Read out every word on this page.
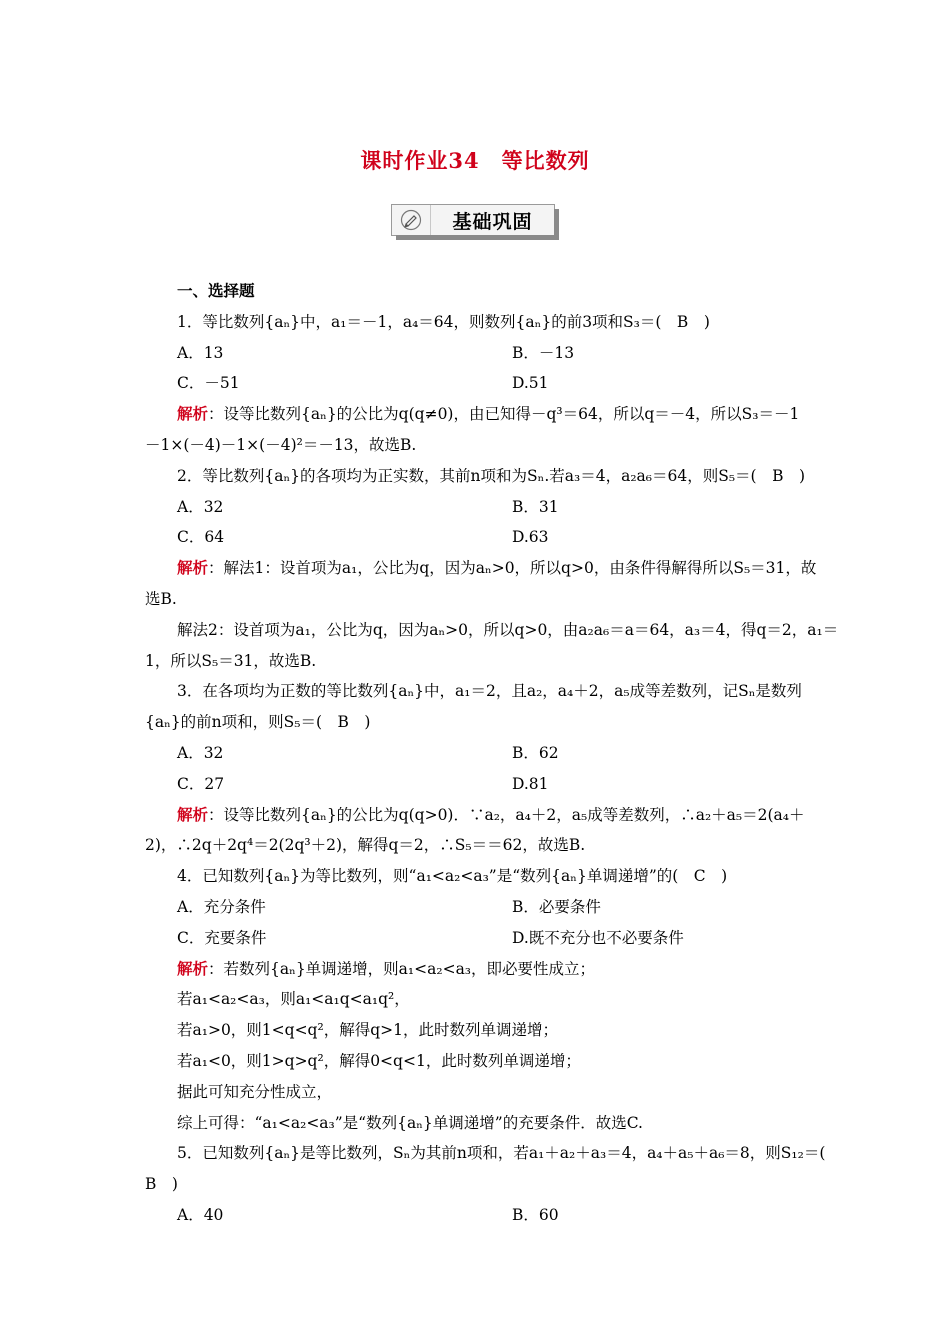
课时作业34　等比数列
基础巩固
一、选择题
1．等比数列{aₙ}中，a₁＝－1，a₄＝64，则数列{aₙ}的前3项和S₃＝(　B　)
A．13	B．－13
C．－51	D.51
解析：设等比数列{aₙ}的公比为q(q≠0)，由已知得－q³＝64，所以q＝－4，所以S₃＝－1
－1×(－4)－1×(－4)²＝－13，故选B.
2．等比数列{aₙ}的各项均为正实数，其前n项和为Sₙ.若a₃＝4，a₂a₆＝64，则S₅＝(　B　)
A．32	B．31
C．64	D.63
解析：解法1：设首项为a₁，公比为q，因为aₙ>0，所以q>0，由条件得解得所以S₅＝31，故
选B.
解法2：设首项为a₁，公比为q，因为aₙ>0，所以q>0，由a₂a₆＝a＝64，a₃＝4，得q＝2，a₁＝
1，所以S₅＝31，故选B.
3．在各项均为正数的等比数列{aₙ}中，a₁＝2，且a₂，a₄＋2，a₅成等差数列，记Sₙ是数列
{aₙ}的前n项和，则S₅＝(　B　)
A．32	B．62
C．27	D.81
解析：设等比数列{aₙ}的公比为q(q>0)．∵a₂，a₄＋2，a₅成等差数列，∴a₂＋a₅＝2(a₄＋
2)，∴2q＋2q⁴＝2(2q³＋2)，解得q＝2，∴S₅＝＝62，故选B.
4．已知数列{aₙ}为等比数列，则“a₁<a₂<a₃”是“数列{aₙ}单调递增”的(　C　)
A．充分条件	B．必要条件
C．充要条件	D.既不充分也不必要条件
解析：若数列{aₙ}单调递增，则a₁<a₂<a₃，即必要性成立；
若a₁<a₂<a₃，则a₁<a₁q<a₁q²，
若a₁>0，则1<q<q²，解得q>1，此时数列单调递增；
若a₁<0，则1>q>q²，解得0<q<1，此时数列单调递增；
据此可知充分性成立，
综上可得：“a₁<a₂<a₃”是“数列{aₙ}单调递增”的充要条件．故选C.
5．已知数列{aₙ}是等比数列，Sₙ为其前n项和，若a₁＋a₂＋a₃＝4，a₄＋a₅＋a₆＝8，则S₁₂＝(
B　)
A．40	B．60
